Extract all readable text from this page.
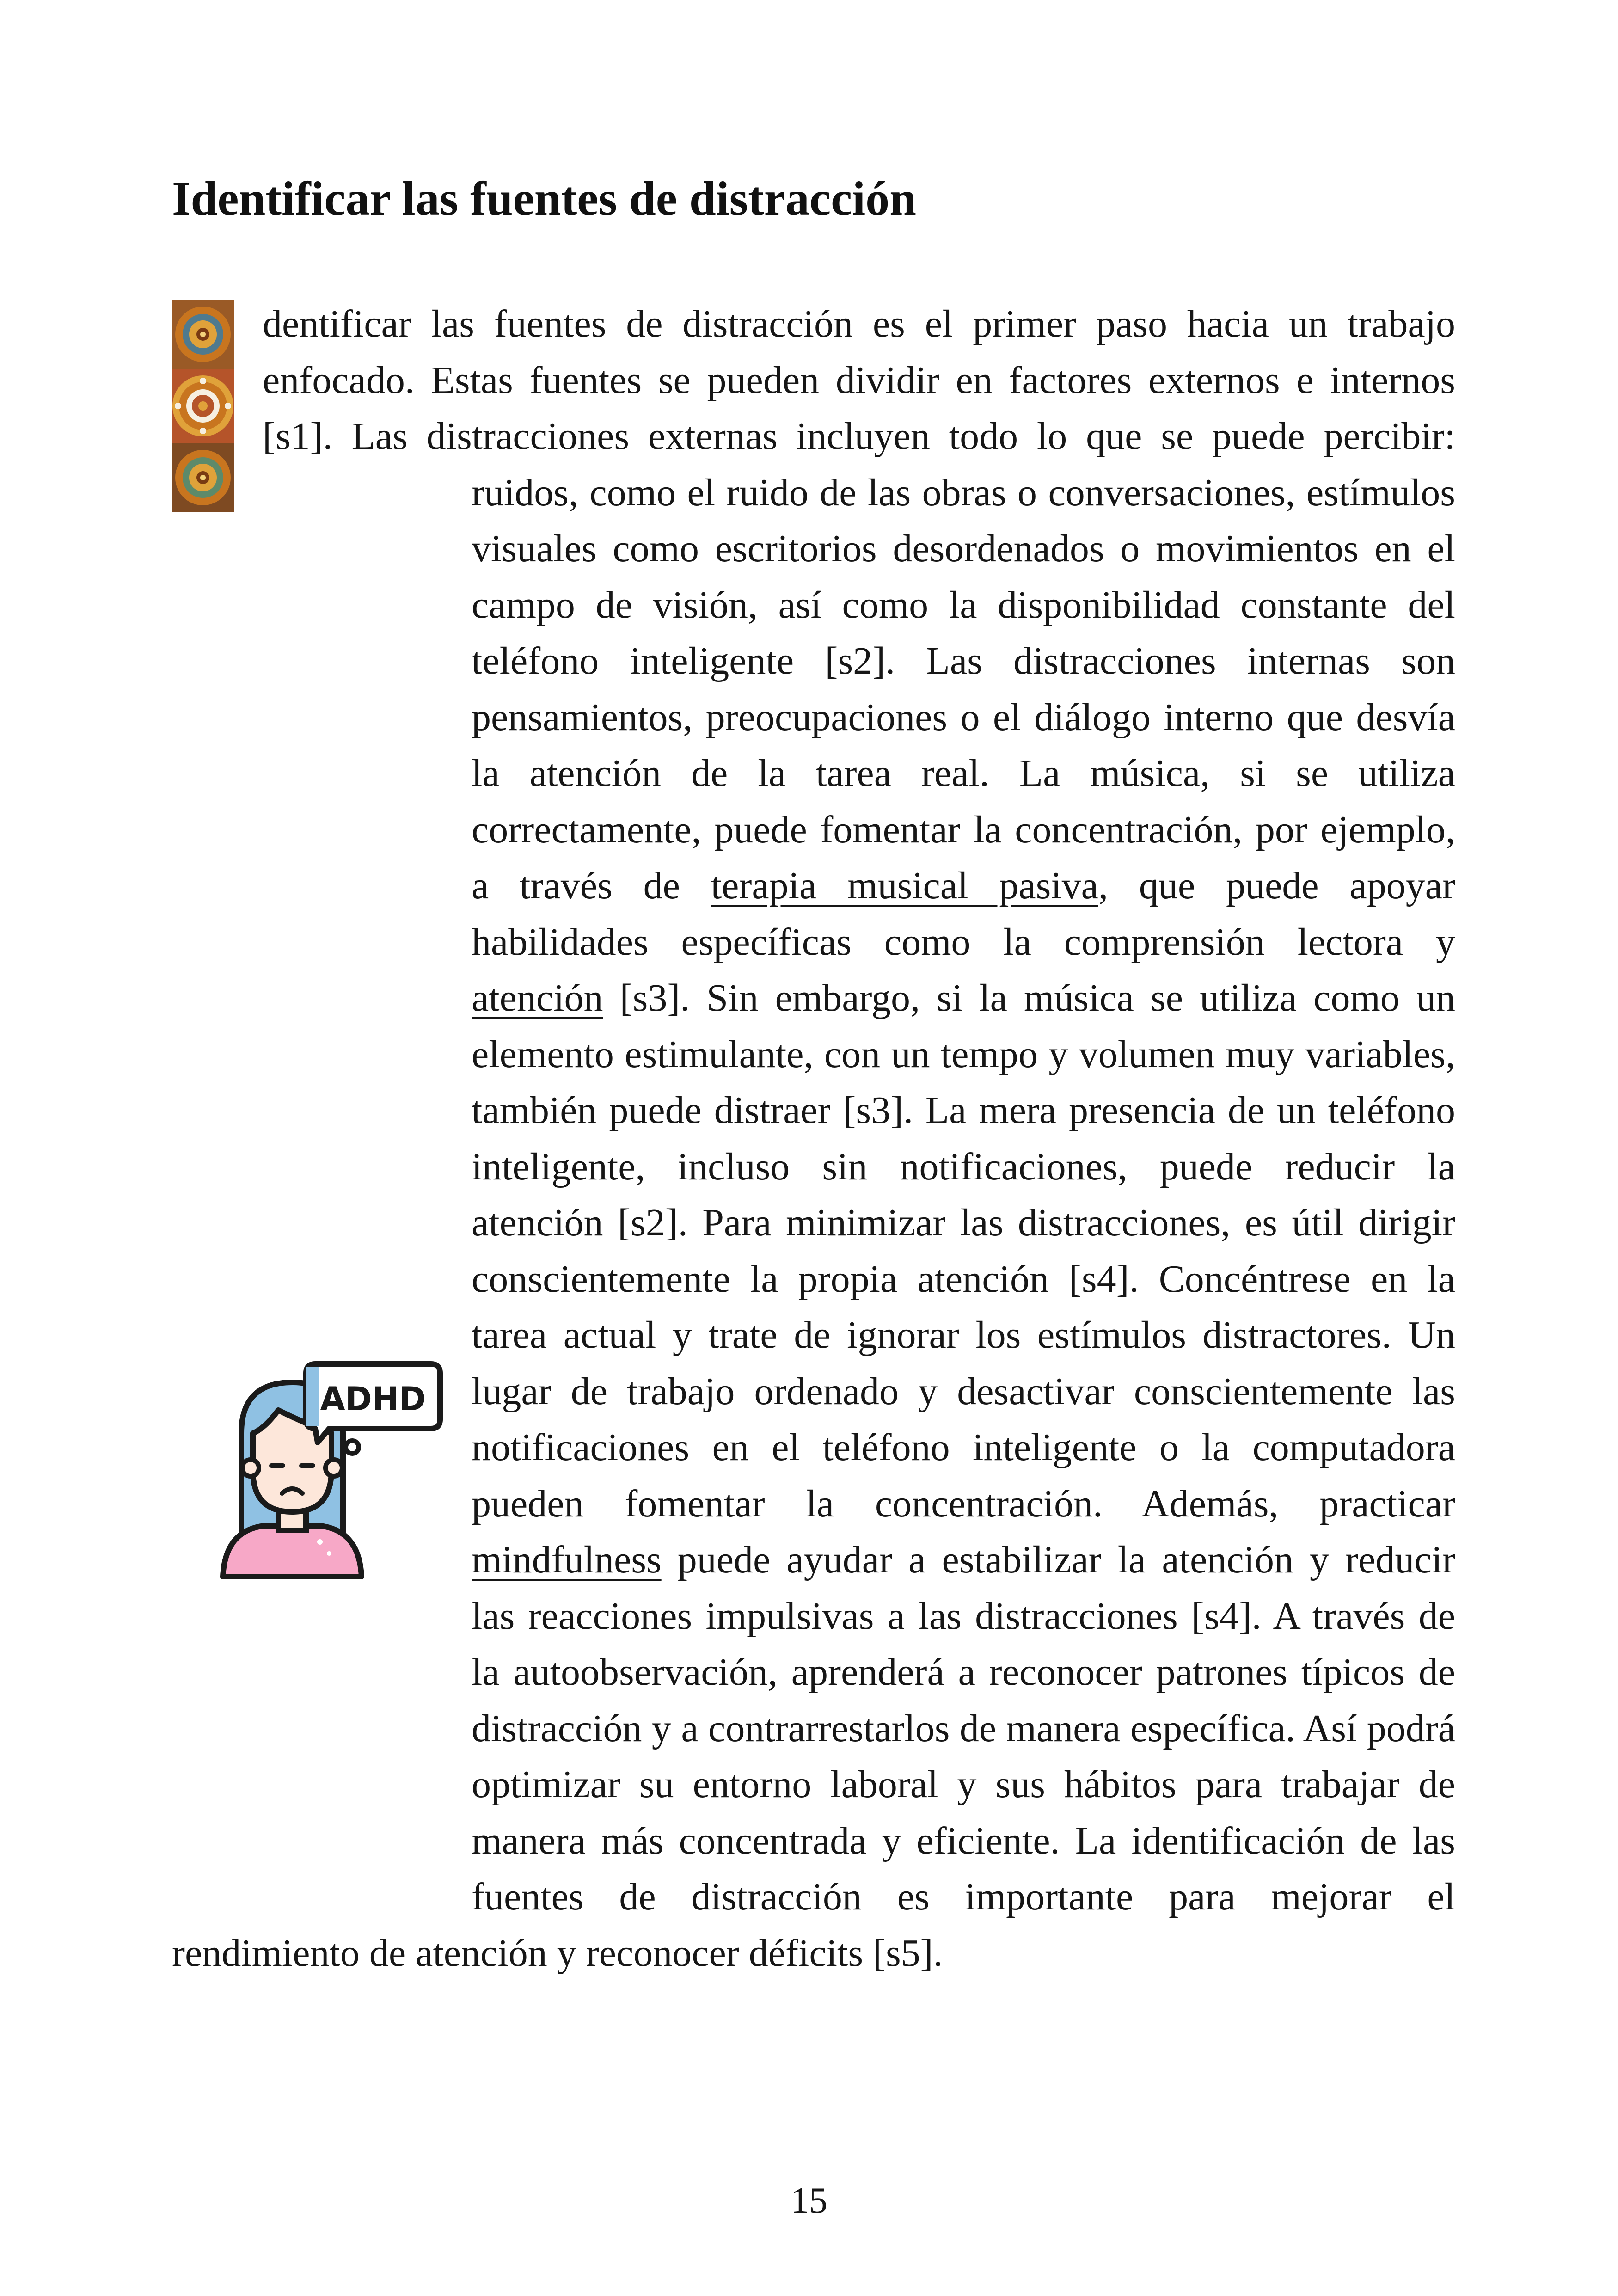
Identificar las fuentes de distracción

dentificar las fuentes de distracción es el primer paso hacia un trabajo enfocado. Estas fuentes se pueden dividir en factores externos e internos [s1]. Las distracciones externas incluyen todo lo que se puede percibir: ruidos, como el ruido de las obras o conversaciones, estímulos visuales como escritorios desordenados o movimientos en el campo de visión, así como la disponibilidad constante del teléfono inteligente [s2]. Las distracciones internas son pensamientos, preocupaciones o el diálogo interno que desvía la atención de la tarea real. La música, si se utiliza correctamente, puede fomentar la concentración, por ejemplo, a través de terapia musical pasiva, que puede apoyar habilidades específicas como la comprensión lectora y atención [s3]. Sin embargo, si la música se utiliza como un elemento estimulante, con un tempo y volumen muy variables, también puede distraer [s3]. La mera presencia de un teléfono inteligente, incluso sin notificaciones, puede reducir la atención [s2]. Para minimizar las distracciones, es útil dirigir conscientemente la propia atención [s4]. Concéntrese en la tarea actual y trate de ignorar los estímulos distractores. Un lugar de trabajo ordenado y desactivar conscientemente las notificaciones en el teléfono inteligente o la computadora pueden fomentar la concentración. Además, practicar mindfulness puede ayudar a estabilizar la atención y reducir las reacciones impulsivas a las distracciones [s4]. A través de la autoobservación, aprenderá a reconocer patrones típicos de distracción y a contrarrestarlos de manera específica. Así podrá optimizar su entorno laboral y sus hábitos para trabajar de manera más concentrada y eficiente. La identificación de las fuentes de distracción es importante para mejorar el rendimiento de atención y reconocer déficits [s5].

ADHD
15
